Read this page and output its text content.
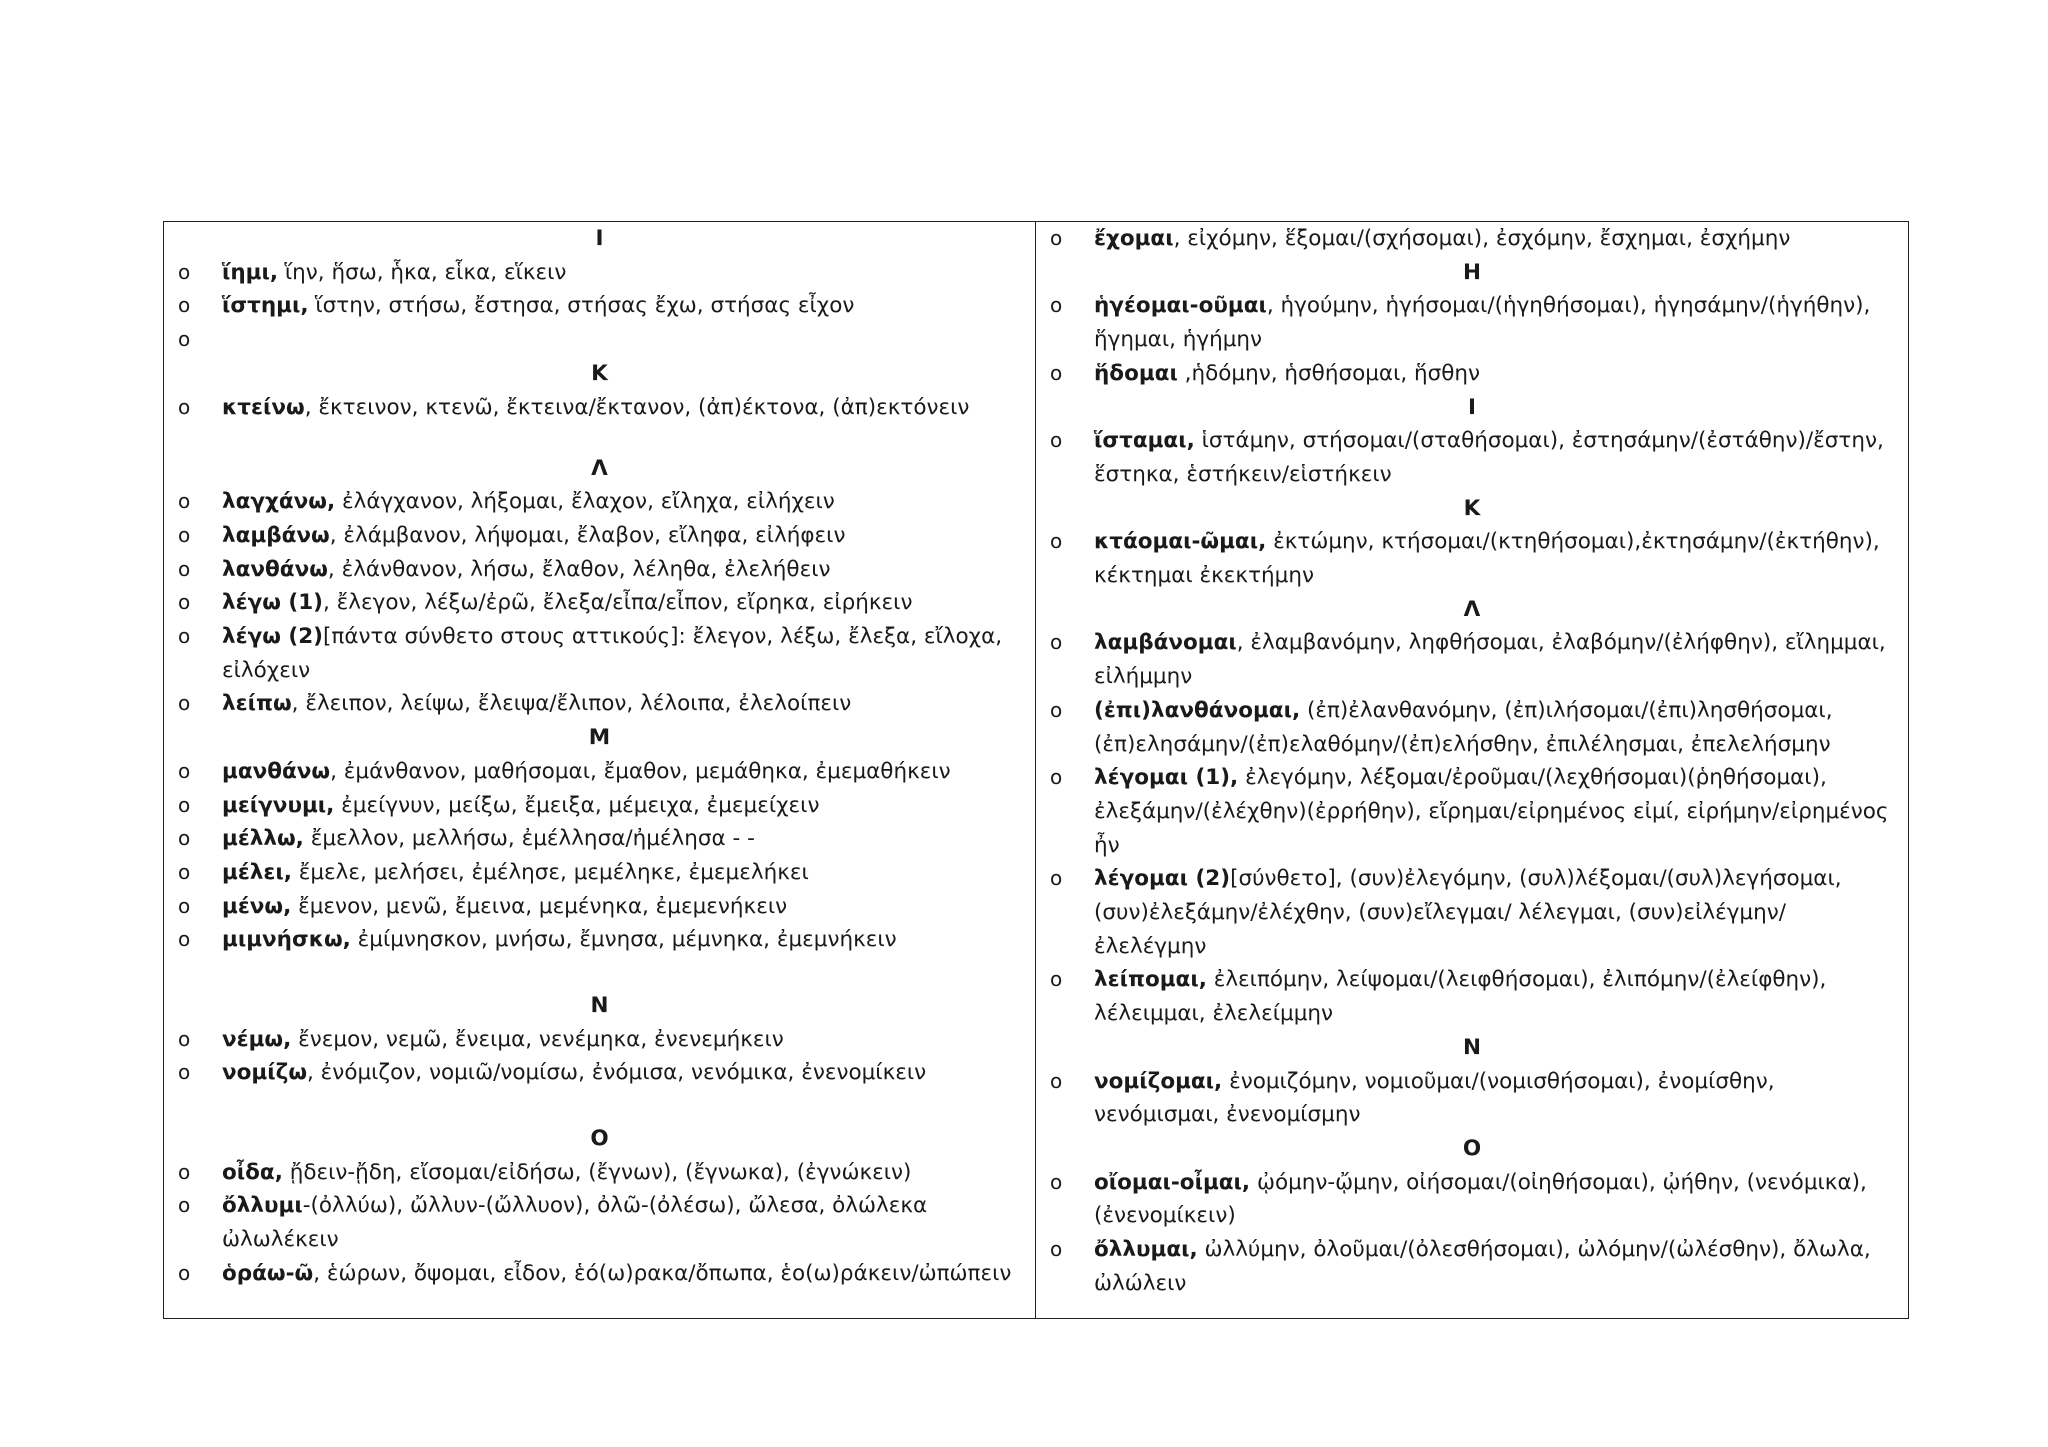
Ι
o	ἵημι, ἵην, ἥσω, ἧκα, εἷκα, εἵκειν
o	ἵστημι, ἵστην, στήσω, ἔστησα, στήσας ἔχω, στήσας εἶχον
o
Κ
o	κτείνω, ἔκτεινον, κτενῶ, ἔκτεινα/ἔκτανον, (ἀπ)έκτονα, (ἀπ)εκτόνειν
Λ
o	λαγχάνω, ἐλάγχανον, λήξομαι, ἔλαχον, εἴληχα, εἰλήχειν
o	λαμβάνω, ἐλάμβανον, λήψομαι, ἔλαβον, εἴληφα, εἰλήφειν
o	λανθάνω, ἐλάνθανον, λήσω, ἔλαθον, λέληθα, ἐλελήθειν
o	λέγω (1), ἔλεγον, λέξω/ἐρῶ, ἔλεξα/εἶπα/εἶπον, εἴρηκα, εἰρήκειν
o	λέγω (2)[πάντα σύνθετο στους αττικούς]: ἔλεγον, λέξω, ἔλεξα, εἴλοχα, εἰλόχειν
o	λείπω, ἔλειπον, λείψω, ἔλειψα/ἔλιπον, λέλοιπα, ἐλελοίπειν
Μ
o	μανθάνω, ἐμάνθανον, μαθήσομαι, ἔμαθον, μεμάθηκα, ἐμεμαθήκειν
o	μείγνυμι, ἐμείγνυν, μείξω, ἔμειξα, μέμειχα, ἐμεμείχειν
o	μέλλω, ἔμελλον, μελλήσω, ἐμέλλησα/ἠμέλησα - -
o	μέλει, ἔμελε, μελήσει, ἐμέλησε, μεμέληκε, ἐμεμελήκει
o	μένω, ἔμενον, μενῶ, ἔμεινα, μεμένηκα, ἐμεμενήκειν
o	μιμνήσκω, ἐμίμνησκον, μνήσω, ἔμνησα, μέμνηκα, ἐμεμνήκειν
Ν
o	νέμω, ἔνεμον, νεμῶ, ἔνειμα, νενέμηκα, ἐνενεμήκειν
o	νομίζω, ἐνόμιζον, νομιῶ/νομίσω, ἐνόμισα, νενόμικα, ἐνενομίκειν
Ο
o	οἶδα, ᾔδειν-ᾔδη, εἴσομαι/εἰδήσω, (ἔγνων), (ἔγνωκα), (ἐγνώκειν)
o	ὄλλυμι-(ὀλλύω), ὤλλυν-(ὤλλυον), ὀλῶ-(ὀλέσω), ὤλεσα, ὀλώλεκα ὠλωλέκειν
o	ὁράω-ῶ, ἑώρων, ὄψομαι, εἶδον, ἑό(ω)ρακα/ὄπωπα, ἑο(ω)ράκειν/ὠπώπειν
o	ἔχομαι, εἰχόμην, ἕξομαι/(σχήσομαι), ἐσχόμην, ἔσχημαι, ἐσχήμην
Η
o	ἡγέομαι-οῦμαι, ἡγούμην, ἡγήσομαι/(ἡγηθήσομαι), ἡγησάμην/(ἡγήθην), ἥγημαι, ἡγήμην
o	ἥδομαι ,ἡδόμην, ἡσθήσομαι, ἥσθην
Ι
o	ἵσταμαι, ἱστάμην, στήσομαι/(σταθήσομαι), ἐστησάμην/(ἐστάθην)/ἔστην, ἕστηκα, ἑστήκειν/εἱστήκειν
Κ
o	κτάομαι-ῶμαι, ἐκτώμην, κτήσομαι/(κτηθήσομαι),ἐκτησάμην/(ἐκτήθην), κέκτημαι ἐκεκτήμην
Λ
o	λαμβάνομαι, ἐλαμβανόμην, ληφθήσομαι, ἐλαβόμην/(ἐλήφθην), εἴλημμαι, εἰλήμμην
o	(ἐπι)λανθάνομαι, (ἐπ)ἐλανθανόμην, (ἐπ)ιλήσομαι/(ἐπι)λησθήσομαι, (ἐπ)ελησάμην/(ἐπ)ελαθόμην/(ἐπ)ελήσθην, ἐπιλέλησμαι, ἐπελελήσμην
o	λέγομαι (1), ἐλεγόμην, λέξομαι/ἐροῦμαι/(λεχθήσομαι)(ῥηθήσομαι), ἐλεξάμην/(ἐλέχθην)(ἐρρήθην), εἴρημαι/εἰρημένος εἰμί, εἰρήμην/εἰρημένος ἦν
o	λέγομαι (2)[σύνθετο], (συν)ἐλεγόμην, (συλ)λέξομαι/(συλ)λεγήσομαι, (συν)ἐλεξάμην/ἐλέχθην, (συν)εἴλεγμαι/ λέλεγμαι, (συν)εἰλέγμην/ ἐλελέγμην
o	λείπομαι, ἐλειπόμην, λείψομαι/(λειφθήσομαι), ἐλιπόμην/(ἐλείφθην), λέλειμμαι, ἐλελείμμην
Ν
o	νομίζομαι, ἐνομιζόμην, νομιοῦμαι/(νομισθήσομαι), ἐνομίσθην, νενόμισμαι, ἐνενομίσμην
Ο
o	οἴομαι-οἶμαι, ᾠόμην-ᾤμην, οἰήσομαι/(οἰηθήσομαι), ᾠήθην, (νενόμικα), (ἐνενομίκειν)
o	ὄλλυμαι, ὠλλύμην, ὀλοῦμαι/(ὀλεσθήσομαι), ὠλόμην/(ὠλέσθην), ὄλωλα, ὠλώλειν
